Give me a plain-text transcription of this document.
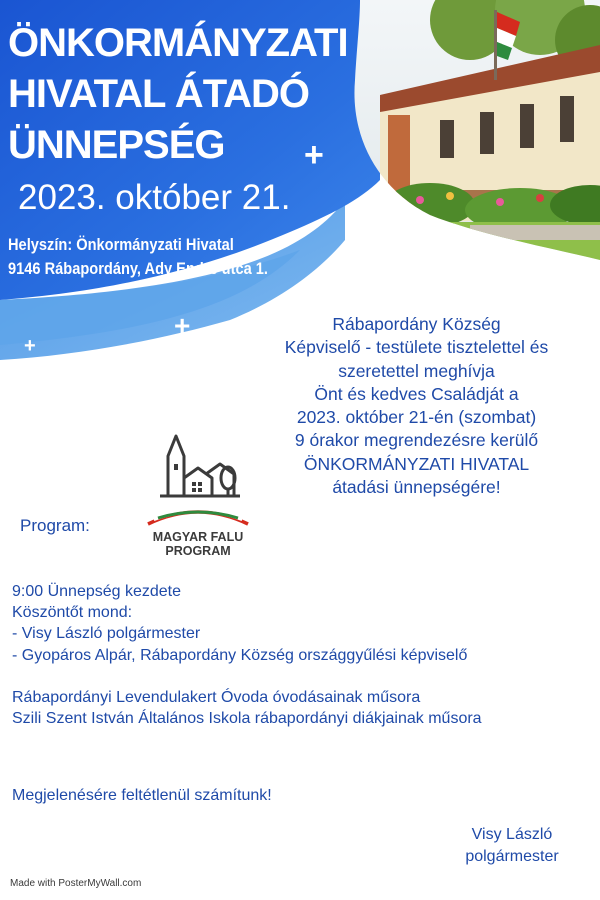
+
+
+
ÖNKORMÁNYZATI
HIVATAL ÁTADÓ
ÜNNEPSÉG
2023. október 21.
Helyszín: Önkormányzati Hivatal
9146 Rábapordány, Ady Endre utca 1.
Rábapordány Község
Képviselő - testülete tisztelettel és
szeretettel meghívja
Önt és kedves Családját a
2023. október 21-én (szombat)
9 órakor megrendezésre kerülő
ÖNKORMÁNYZATI HIVATAL
átadási ünnepségére!
MAGYAR FALU
PROGRAM
Program:
9:00 Ünnepség kezdete
Köszöntőt mond:
- Visy László polgármester
- Gyopáros Alpár, Rábapordány Község országgyűlési képviselő
Rábapordányi Levendulakert Óvoda óvodásainak műsora
Szili Szent István Általános Iskola rábapordányi diákjainak műsora
Megjelenésére feltétlenül számítunk!
Visy László
polgármester
Made with PosterMyWall.com
